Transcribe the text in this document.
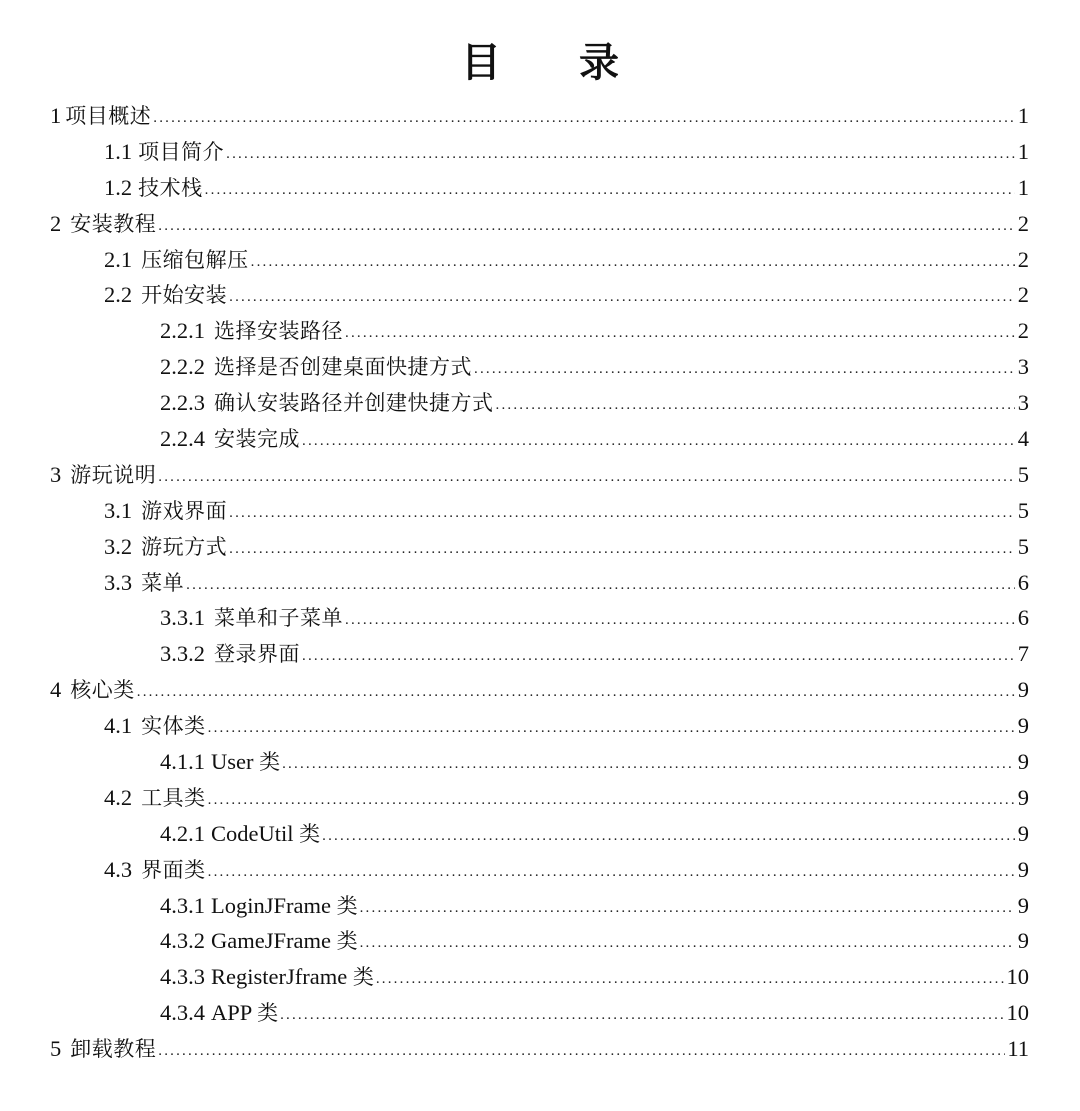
目 录
1 项目概述 .....	1
1.1 项目简介 .....	1
1.2 技术栈 .....	1
2 安装教程 .....	2
2.1 压缩包解压 .....	2
2.2 开始安装 .....	2
2.2.1 选择安装路径 .....	2
2.2.2 选择是否创建桌面快捷方式 .....	3
2.2.3 确认安装路径并创建快捷方式 .....	3
2.2.4 安装完成 .....	4
3 游玩说明 .....	5
3.1 游戏界面 .....	5
3.2 游玩方式 .....	5
3.3 菜单 .....	6
3.3.1 菜单和子菜单 .....	6
3.3.2 登录界面 .....	7
4 核心类 .....	9
4.1 实体类 .....	9
4.1.1 User 类 .....	9
4.2 工具类 .....	9
4.2.1 CodeUtil 类 .....	9
4.3 界面类 .....	9
4.3.1 LoginJFrame 类 .....	9
4.3.2 GameJFrame 类 .....	9
4.3.3 RegisterJframe 类 .....	10
4.3.4 APP 类 .....	10
5 卸载教程 .....	11
